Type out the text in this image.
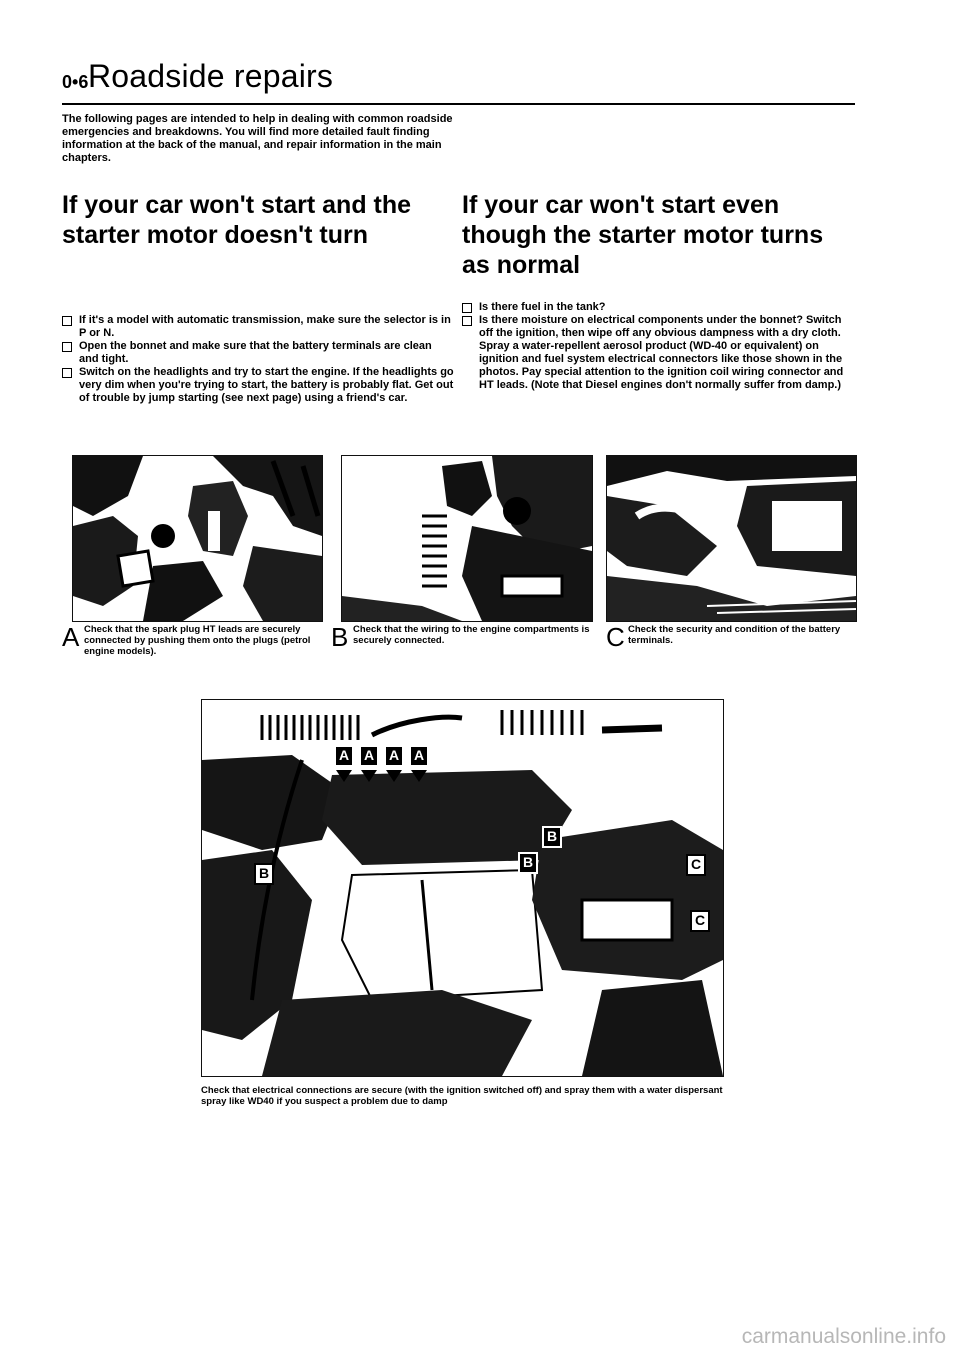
0•6 Roadside repairs
The following pages are intended to help in dealing with common roadside emergencies and breakdowns. You will find more detailed fault finding information at the back of the manual, and repair information in the main chapters.
If your car won't start and the starter motor doesn't turn
If your car won't start even though the starter motor turns as normal
If it's a model with automatic transmission, make sure the selector is in P or N.
Open the bonnet and make sure that the battery terminals are clean and tight.
Switch on the headlights and try to start the engine. If the headlights go very dim when you're trying to start, the battery is probably flat. Get out of trouble by jump starting (see next page) using a friend's car.
Is there fuel in the tank?
Is there moisture on electrical components under the bonnet? Switch off the ignition, then wipe off any obvious dampness with a dry cloth. Spray a water-repellent aerosol product (WD-40 or equivalent) on ignition and fuel system electrical connectors like those shown in the photos. Pay special attention to the ignition coil wiring connector and HT leads. (Note that Diesel engines don't normally suffer from damp.)
A Check that the spark plug HT leads are securely connected by pushing them onto the plugs (petrol engine models).	B Check that the wiring to the engine compartments is securely connected.	C Check the security and condition of the battery terminals.
A	A	A	A
B
B
B
C
C
Check that electrical connections are secure (with the ignition switched off) and spray them with a water dispersant spray like WD40 if you suspect a problem due to damp
carmanualsonline.info
